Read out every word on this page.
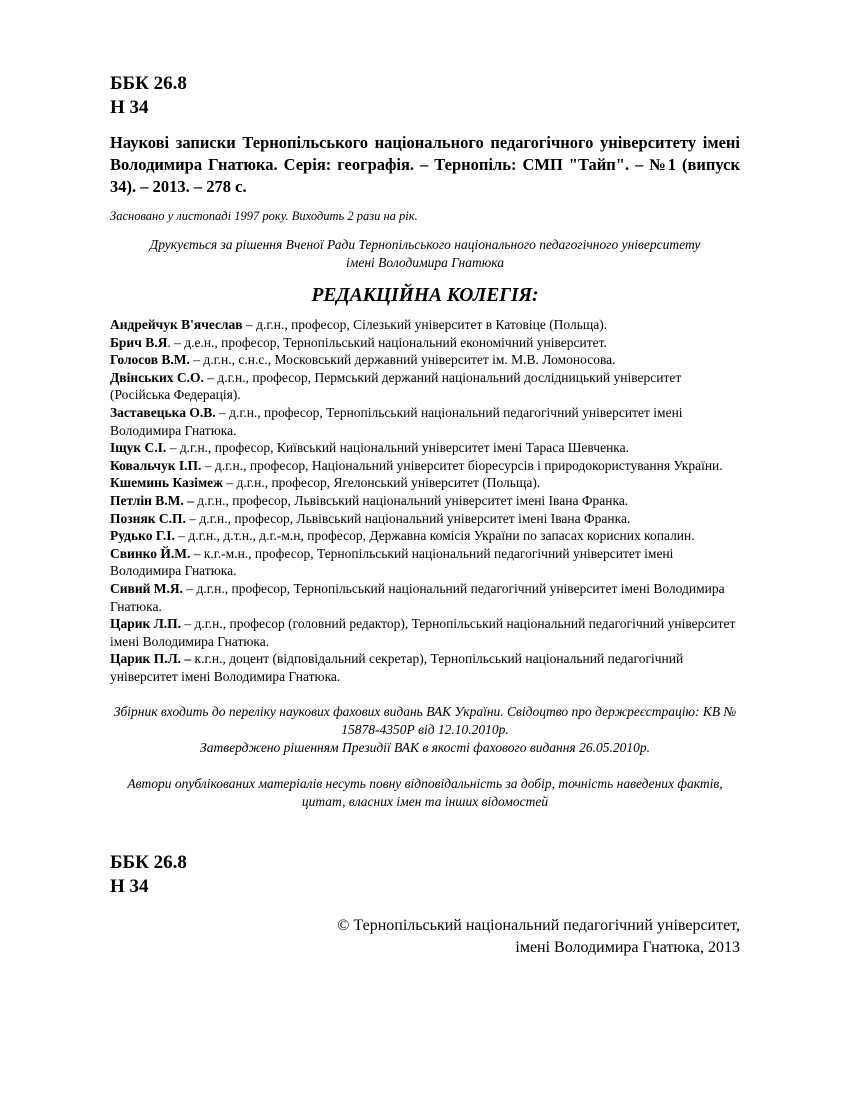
ББК 26.8
Н 34
Наукові записки Тернопільського національного педагогічного університету імені Володимира Гнатюка. Серія: географія. – Тернопіль: СМП "Тайп". – №1 (випуск 34). – 2013. – 278 с.
Засновано у листопаді 1997 року. Виходить 2 рази на рік.
Друкується за рішення Вченої Ради Тернопільського національного педагогічного університету імені Володимира Гнатюка
РЕДАКЦІЙНА КОЛЕГІЯ:
Андрейчук В'ячеслав – д.г.н., професор, Сілезький університет в Катовіце (Польща).
Брич В.Я. – д.е.н., професор, Тернопільський національний економічний університет.
Голосов В.М. – д.г.н., с.н.с., Московський державний університет ім. М.В. Ломоносова.
Двінських С.О. – д.г.н., професор, Пермський держаний національний дослідницький університет (Російська Федерація).
Заставецька О.В. – д.г.н., професор, Тернопільський національний педагогічний університет імені Володимира Гнатюка.
Іщук С.І. – д.г.н., професор, Київський національний університет імені Тараса Шевченка.
Ковальчук І.П. – д.г.н., професор, Національний університет біоресурсів і природокористування України.
Кшеминь Казімеж – д.г.н., професор, Ягелонський університет (Польща).
Петлін В.М. – д.г.н., професор, Львівський національний університет імені Івана Франка.
Позняк С.П. – д.г.н., професор, Львівський національний університет імені Івана Франка.
Рудько Г.І. – д.г.н., д.т.н., д.г.-м.н, професор, Державна комісія України по запасах корисних копалин.
Свинко Й.М. – к.г.-м.н., професор, Тернопільський національний педагогічний університет імені Володимира Гнатюка.
Сивий М.Я. – д.г.н., професор, Тернопільський національний педагогічний університет імені Володимира Гнатюка.
Царик Л.П. – д.г.н., професор (головний редактор), Тернопільський національний педагогічний університет імені Володимира Гнатюка.
Царик П.Л. – к.г.н., доцент (відповідальний секретар), Тернопільський національний педагогічний університет імені Володимира Гнатюка.
Збірник входить до переліку наукових фахових видань ВАК України. Свідоцтво про держреєстрацію: КВ № 15878-4350Р від 12.10.2010р.
Затверджено рішенням Президії ВАК в якості фахового видання 26.05.2010р.
Автори опублікованих матеріалів несуть повну відповідальність за добір, точність наведених фактів, цитат, власних імен та інших відомостей
ББК 26.8
Н 34
© Тернопільський національний педагогічний університет,
імені Володимира Гнатюка, 2013
